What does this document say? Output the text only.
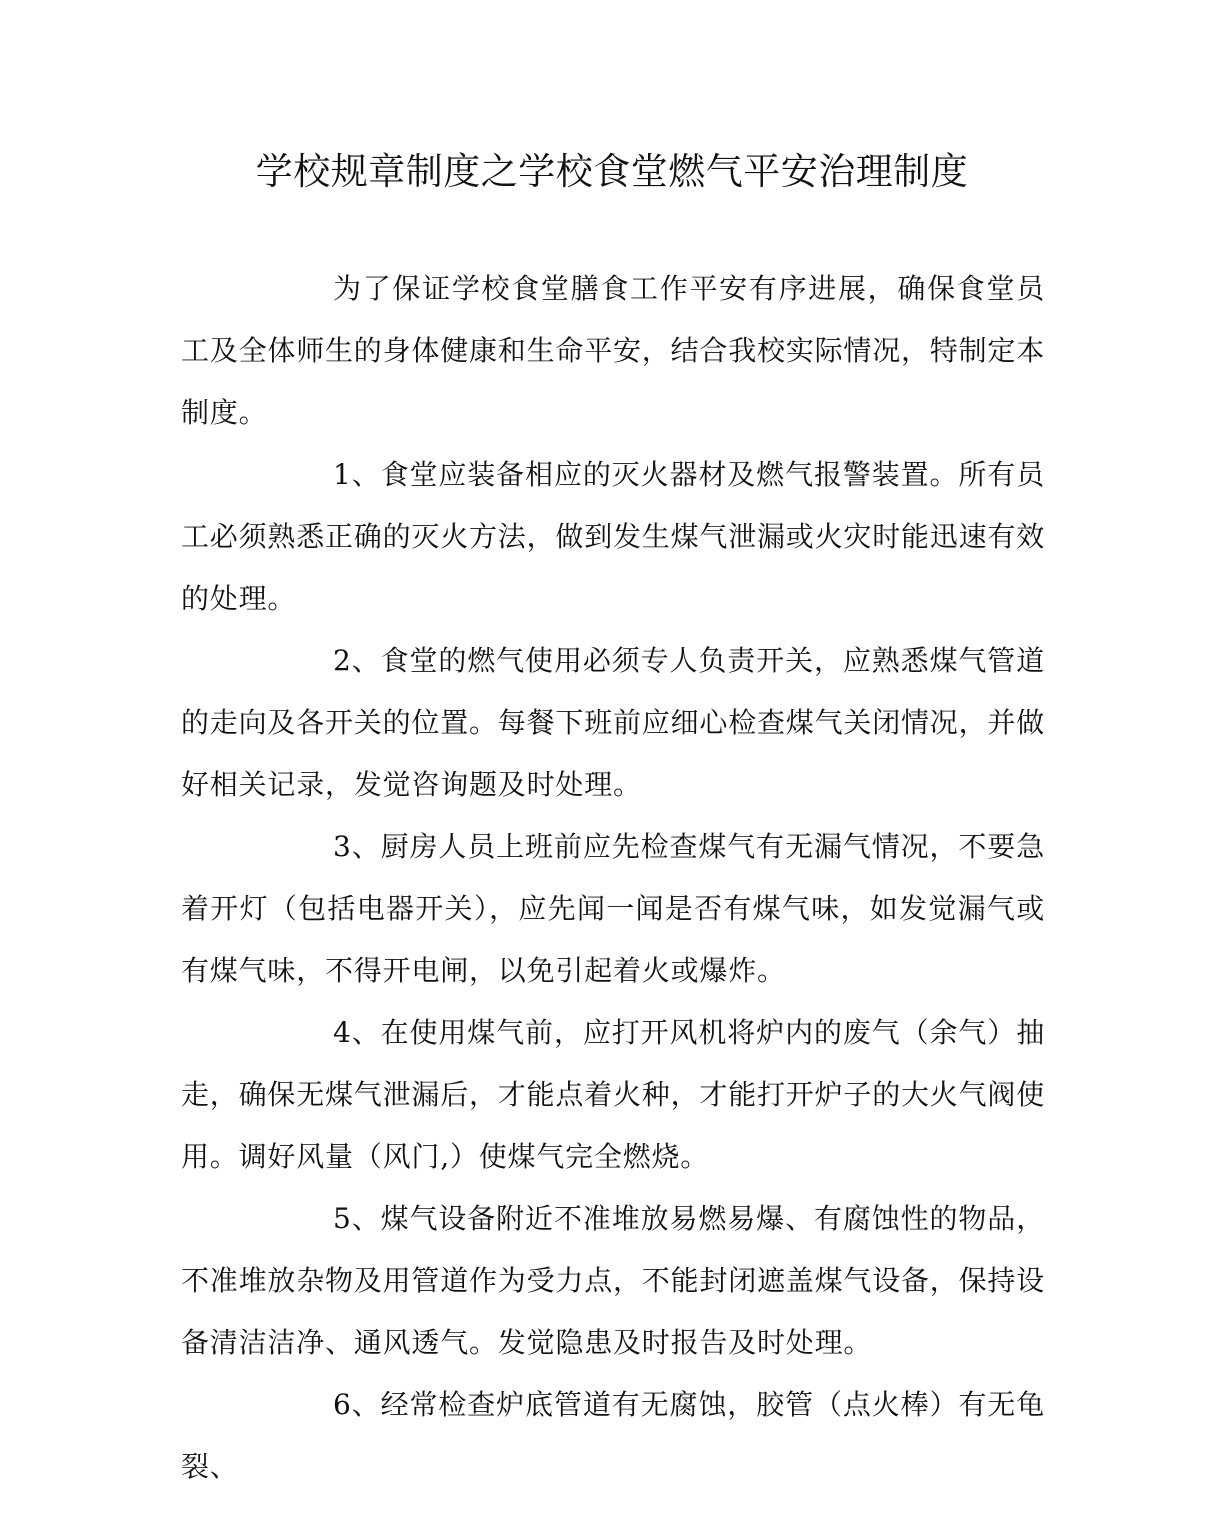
学校规章制度之学校食堂燃气平安治理制度

为了保证学校食堂膳食工作平安有序进展，确保食堂员工及全体师生的身体健康和生命平安，结合我校实际情况，特制定本制度。

1、食堂应装备相应的灭火器材及燃气报警装置。所有员工必须熟悉正确的灭火方法，做到发生煤气泄漏或火灾时能迅速有效的处理。

2、食堂的燃气使用必须专人负责开关，应熟悉煤气管道的走向及各开关的位置。每餐下班前应细心检查煤气关闭情况，并做好相关记录，发觉咨询题及时处理。

3、厨房人员上班前应先检查煤气有无漏气情况，不要急着开灯（包括电器开关），应先闻一闻是否有煤气味，如发觉漏气或有煤气味，不得开电闸，以免引起着火或爆炸。

4、在使用煤气前，应打开风机将炉内的废气（余气）抽走，确保无煤气泄漏后，才能点着火种，才能打开炉子的大火气阀使用。调好风量（风门,）使煤气完全燃烧。

5、煤气设备附近不准堆放易燃易爆、有腐蚀性的物品，不准堆放杂物及用管道作为受力点，不能封闭遮盖煤气设备，保持设备清洁洁净、通风透气。发觉隐患及时报告及时处理。

6、经常检查炉底管道有无腐蚀，胶管（点火棒）有无龟裂、
